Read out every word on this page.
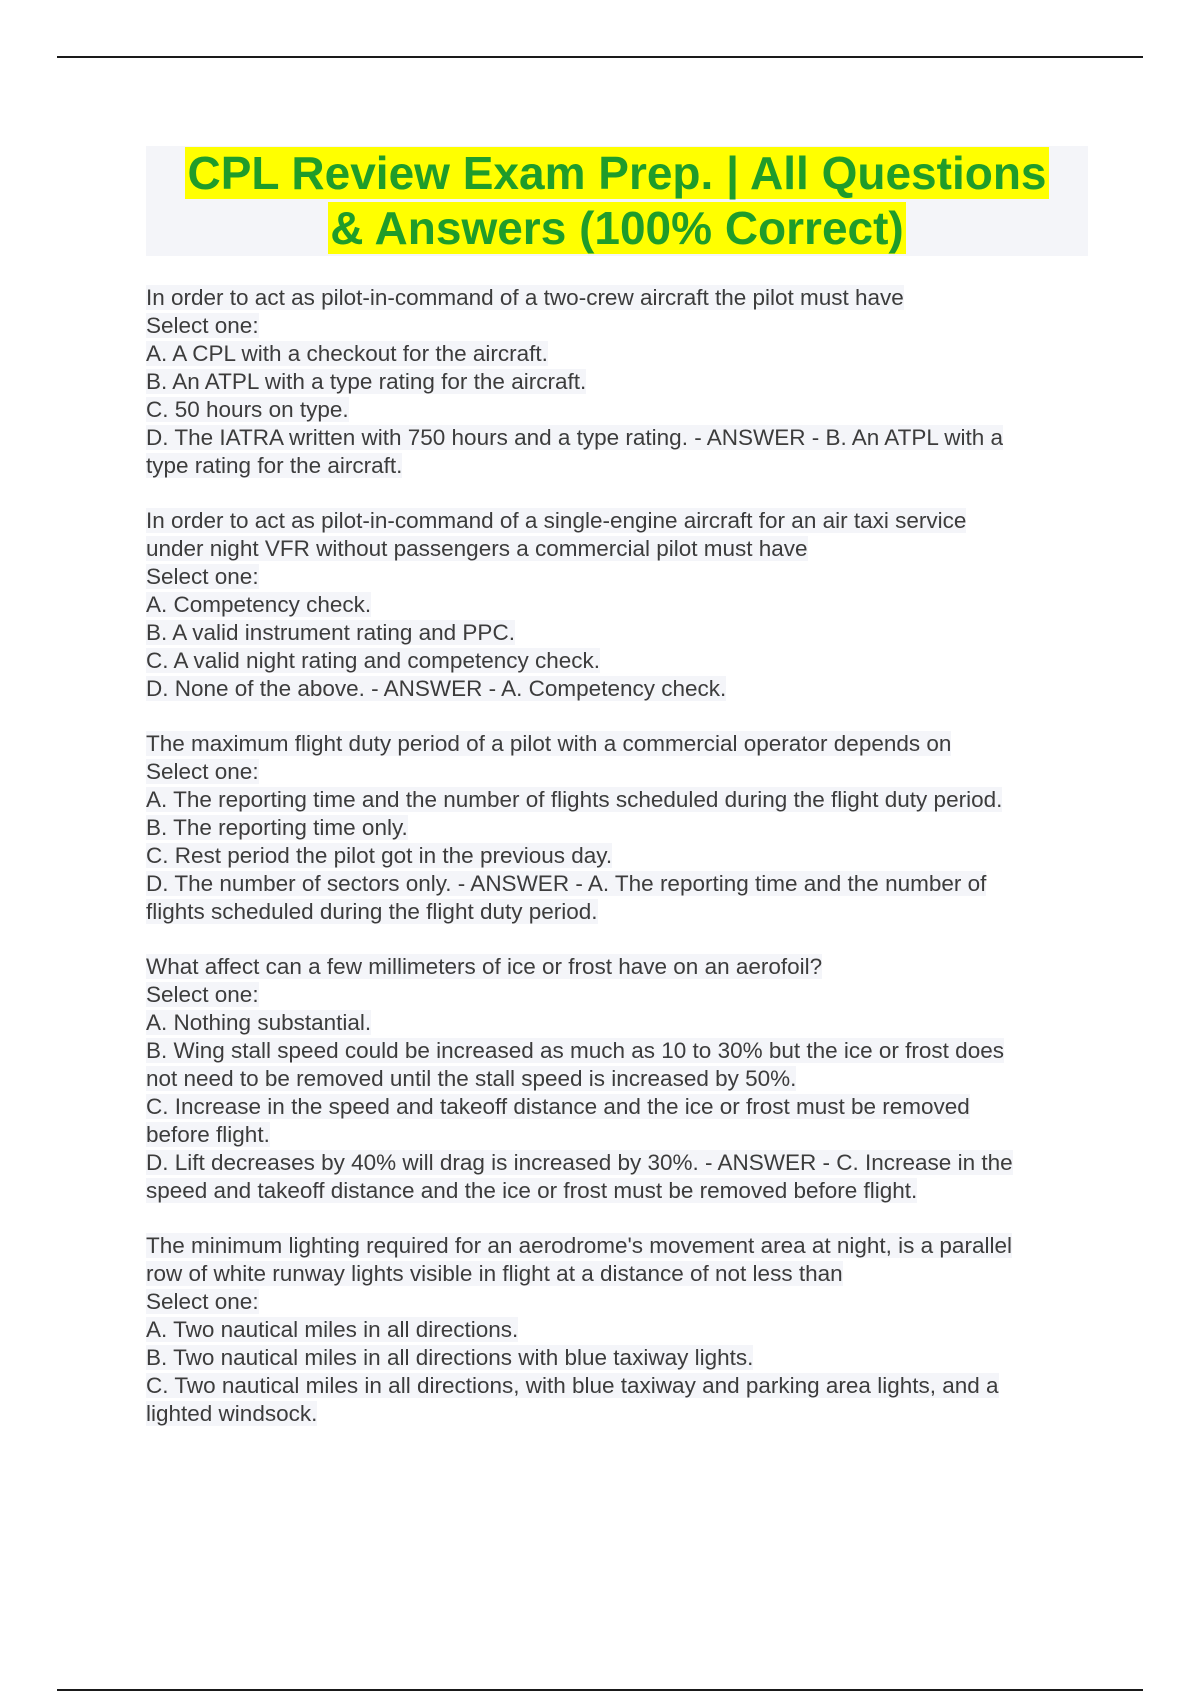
CPL Review Exam Prep. | All Questions
& Answers (100% Correct)
In order to act as pilot-in-command of a two-crew aircraft the pilot must have
Select one:
A. A CPL with a checkout for the aircraft.
B. An ATPL with a type rating for the aircraft.
C. 50 hours on type.
D. The IATRA written with 750 hours and a type rating. - ANSWER - B. An ATPL with a
type rating for the aircraft.
In order to act as pilot-in-command of a single-engine aircraft for an air taxi service
under night VFR without passengers a commercial pilot must have
Select one:
A. Competency check.
B. A valid instrument rating and PPC.
C. A valid night rating and competency check.
D. None of the above. - ANSWER - A. Competency check.
The maximum flight duty period of a pilot with a commercial operator depends on
Select one:
A. The reporting time and the number of flights scheduled during the flight duty period.
B. The reporting time only.
C. Rest period the pilot got in the previous day.
D. The number of sectors only. - ANSWER - A. The reporting time and the number of
flights scheduled during the flight duty period.
What affect can a few millimeters of ice or frost have on an aerofoil?
Select one:
A. Nothing substantial.
B. Wing stall speed could be increased as much as 10 to 30% but the ice or frost does
not need to be removed until the stall speed is increased by 50%.
C. Increase in the speed and takeoff distance and the ice or frost must be removed
before flight.
D. Lift decreases by 40% will drag is increased by 30%. - ANSWER - C. Increase in the
speed and takeoff distance and the ice or frost must be removed before flight.
The minimum lighting required for an aerodrome's movement area at night, is a parallel
row of white runway lights visible in flight at a distance of not less than
Select one:
A. Two nautical miles in all directions.
B. Two nautical miles in all directions with blue taxiway lights.
C. Two nautical miles in all directions, with blue taxiway and parking area lights, and a
lighted windsock.
